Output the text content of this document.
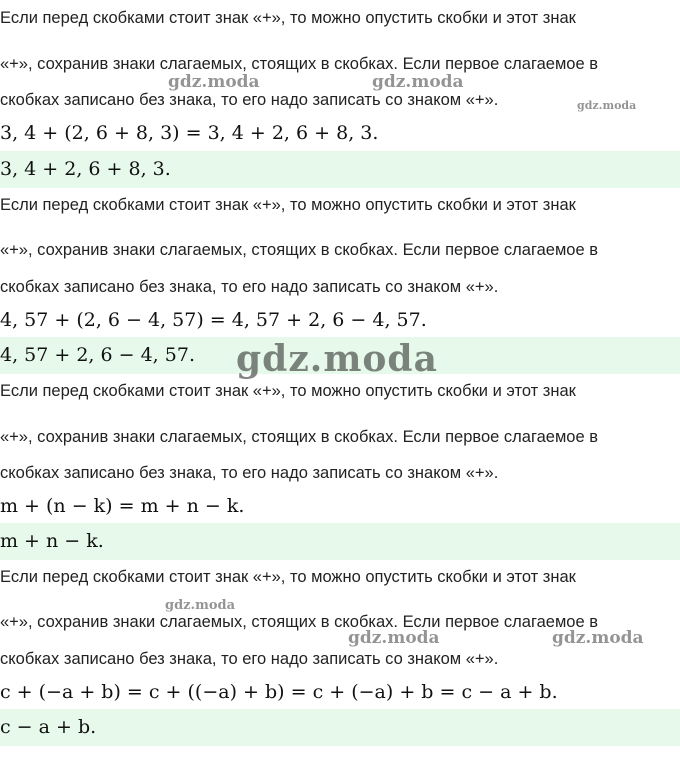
Если перед скобками стоит знак «+», то можно опустить скобки и этот знак
«+», сохранив знаки слагаемых, стоящих в скобках. Если первое слагаемое в
скобках записано без знака, то его надо записать со знаком «+».
3, 4 + (2, 6 + 8, 3) = 3, 4 + 2, 6 + 8, 3.
3, 4 + 2, 6 + 8, 3.
Если перед скобками стоит знак «+», то можно опустить скобки и этот знак
«+», сохранив знаки слагаемых, стоящих в скобках. Если первое слагаемое в
скобках записано без знака, то его надо записать со знаком «+».
4, 57 + (2, 6 − 4, 57) = 4, 57 + 2, 6 − 4, 57.
4, 57 + 2, 6 − 4, 57.
Если перед скобками стоит знак «+», то можно опустить скобки и этот знак
«+», сохранив знаки слагаемых, стоящих в скобках. Если первое слагаемое в
скобках записано без знака, то его надо записать со знаком «+».
m + (n − k) = m + n − k.
m + n − k.
Если перед скобками стоит знак «+», то можно опустить скобки и этот знак
«+», сохранив знаки слагаемых, стоящих в скобках. Если первое слагаемое в
скобках записано без знака, то его надо записать со знаком «+».
c + (−a + b) = c + ((−a) + b) = c + (−a) + b = c − a + b.
c − a + b.
gdz.moda	gdz.moda
gdz.moda
gdz.moda
gdz.moda
gdz.moda	gdz.moda
